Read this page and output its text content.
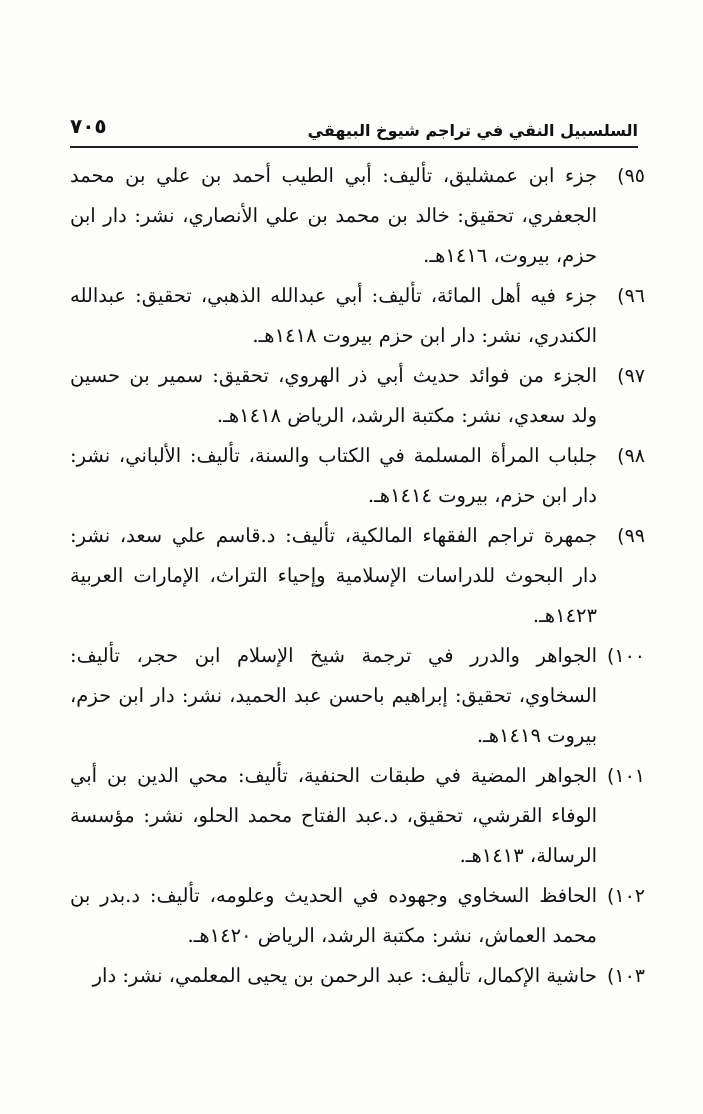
السلسبيل النقي في تراجم شيوخ البيهقي
٧٠٥

٩٥)
جزء ابن عمشليق، تأليف: أبي الطيب أحمد بن علي بن محمد الجعفري، تحقيق: خالد بن محمد بن علي الأنصاري، نشر: دار ابن حزم، بيروت، ١٤١٦هـ.

٩٦)
جزء فيه أهل المائة، تأليف: أبي عبدالله الذهبي، تحقيق: عبدالله الكندري، نشر: دار ابن حزم بيروت ١٤١٨هـ.

٩٧)
الجزء من فوائد حديث أبي ذر الهروي، تحقيق: سمير بن حسين ولد سعدي، نشر: مكتبة الرشد، الرياض ١٤١٨هـ.

٩٨)
جلباب المرأة المسلمة في الكتاب والسنة، تأليف: الألباني، نشر: دار ابن حزم، بيروت ١٤١٤هـ.

٩٩)
جمهرة تراجم الفقهاء المالكية، تأليف: د.قاسم علي سعد، نشر: دار البحوث للدراسات الإسلامية وإحياء التراث، الإمارات العربية ١٤٢٣هـ.

١٠٠)
الجواهر والدرر في ترجمة شيخ الإسلام ابن حجر، تأليف: السخاوي، تحقيق: إبراهيم باحسن عبد الحميد، نشر: دار ابن حزم، بيروت ١٤١٩هـ.

١٠١)
الجواهر المضية في طبقات الحنفية، تأليف: محي الدين بن أبي الوفاء القرشي، تحقيق، د.عبد الفتاح محمد الحلو، نشر: مؤسسة الرسالة، ١٤١٣هـ.

١٠٢)
الحافظ السخاوي وجهوده في الحديث وعلومه، تأليف: د.بدر بن محمد العماش، نشر: مكتبة الرشد، الرياض ١٤٢٠هـ.

١٠٣)
حاشية الإكمال، تأليف: عبد الرحمن بن يحيى المعلمي، نشر: دار
